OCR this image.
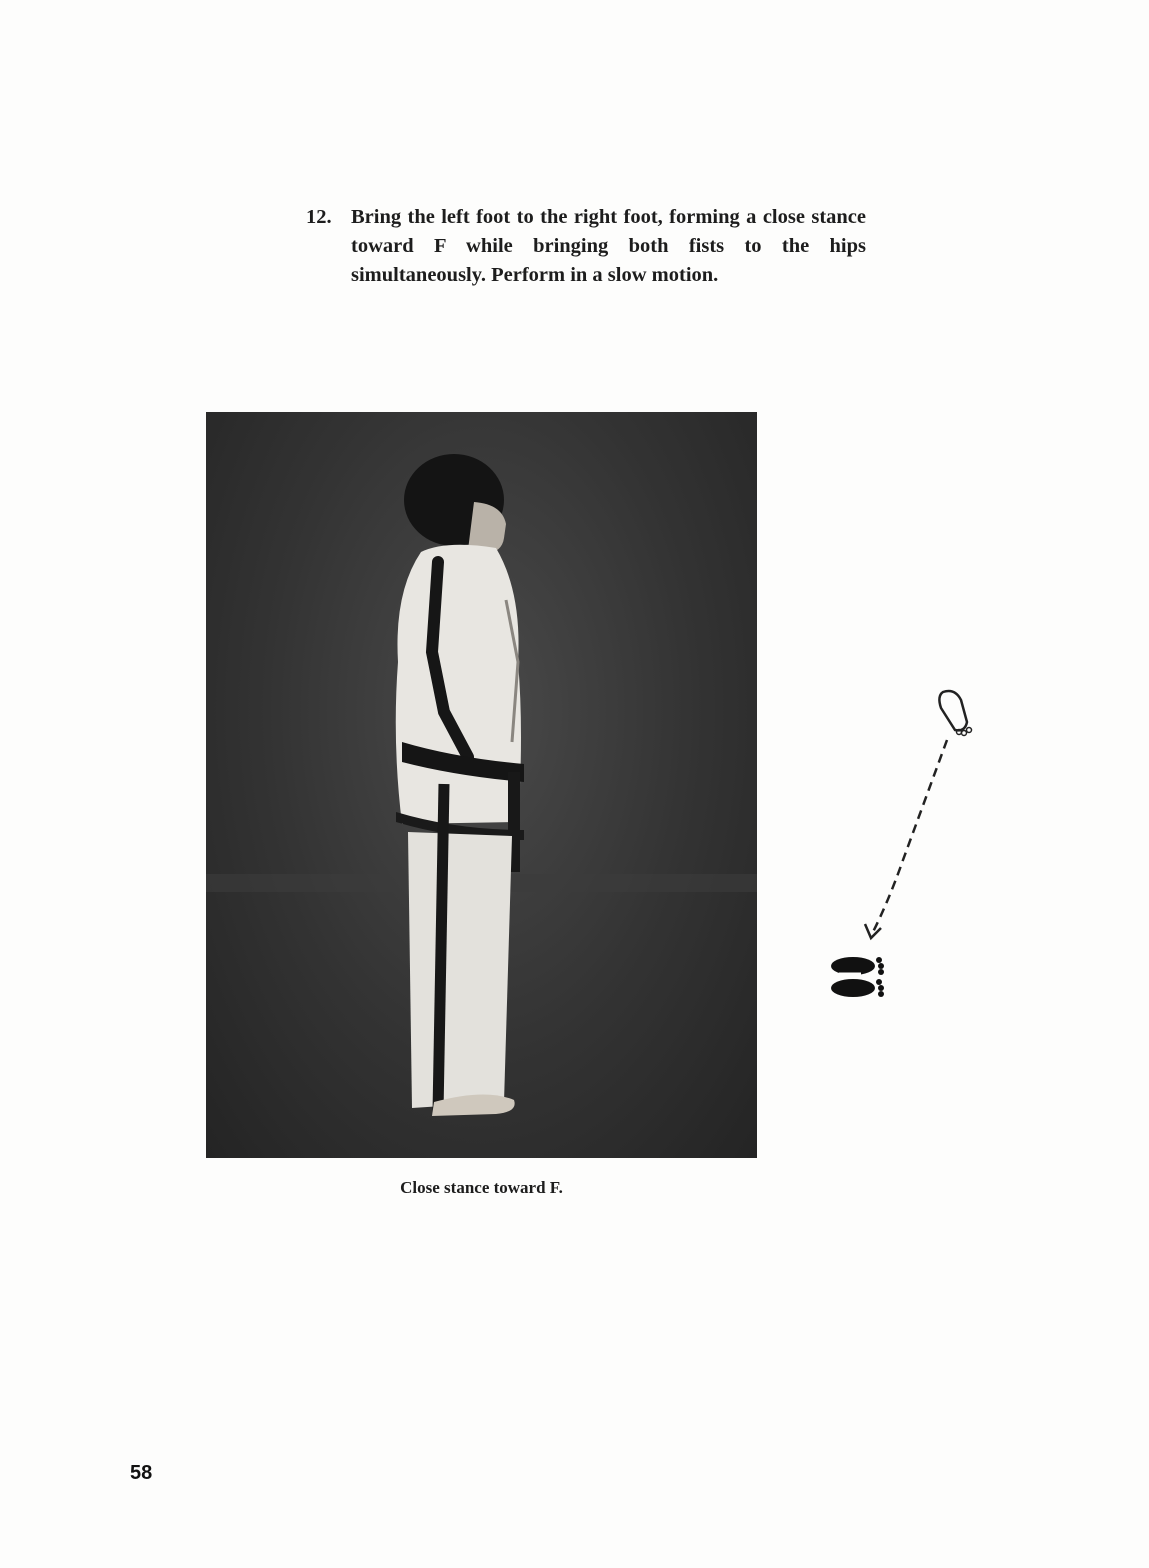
12. Bring the left foot to the right foot, forming a close stance toward F while bringing both fists to the hips simultaneously. Perform in a slow motion.
Close stance toward F.
58
